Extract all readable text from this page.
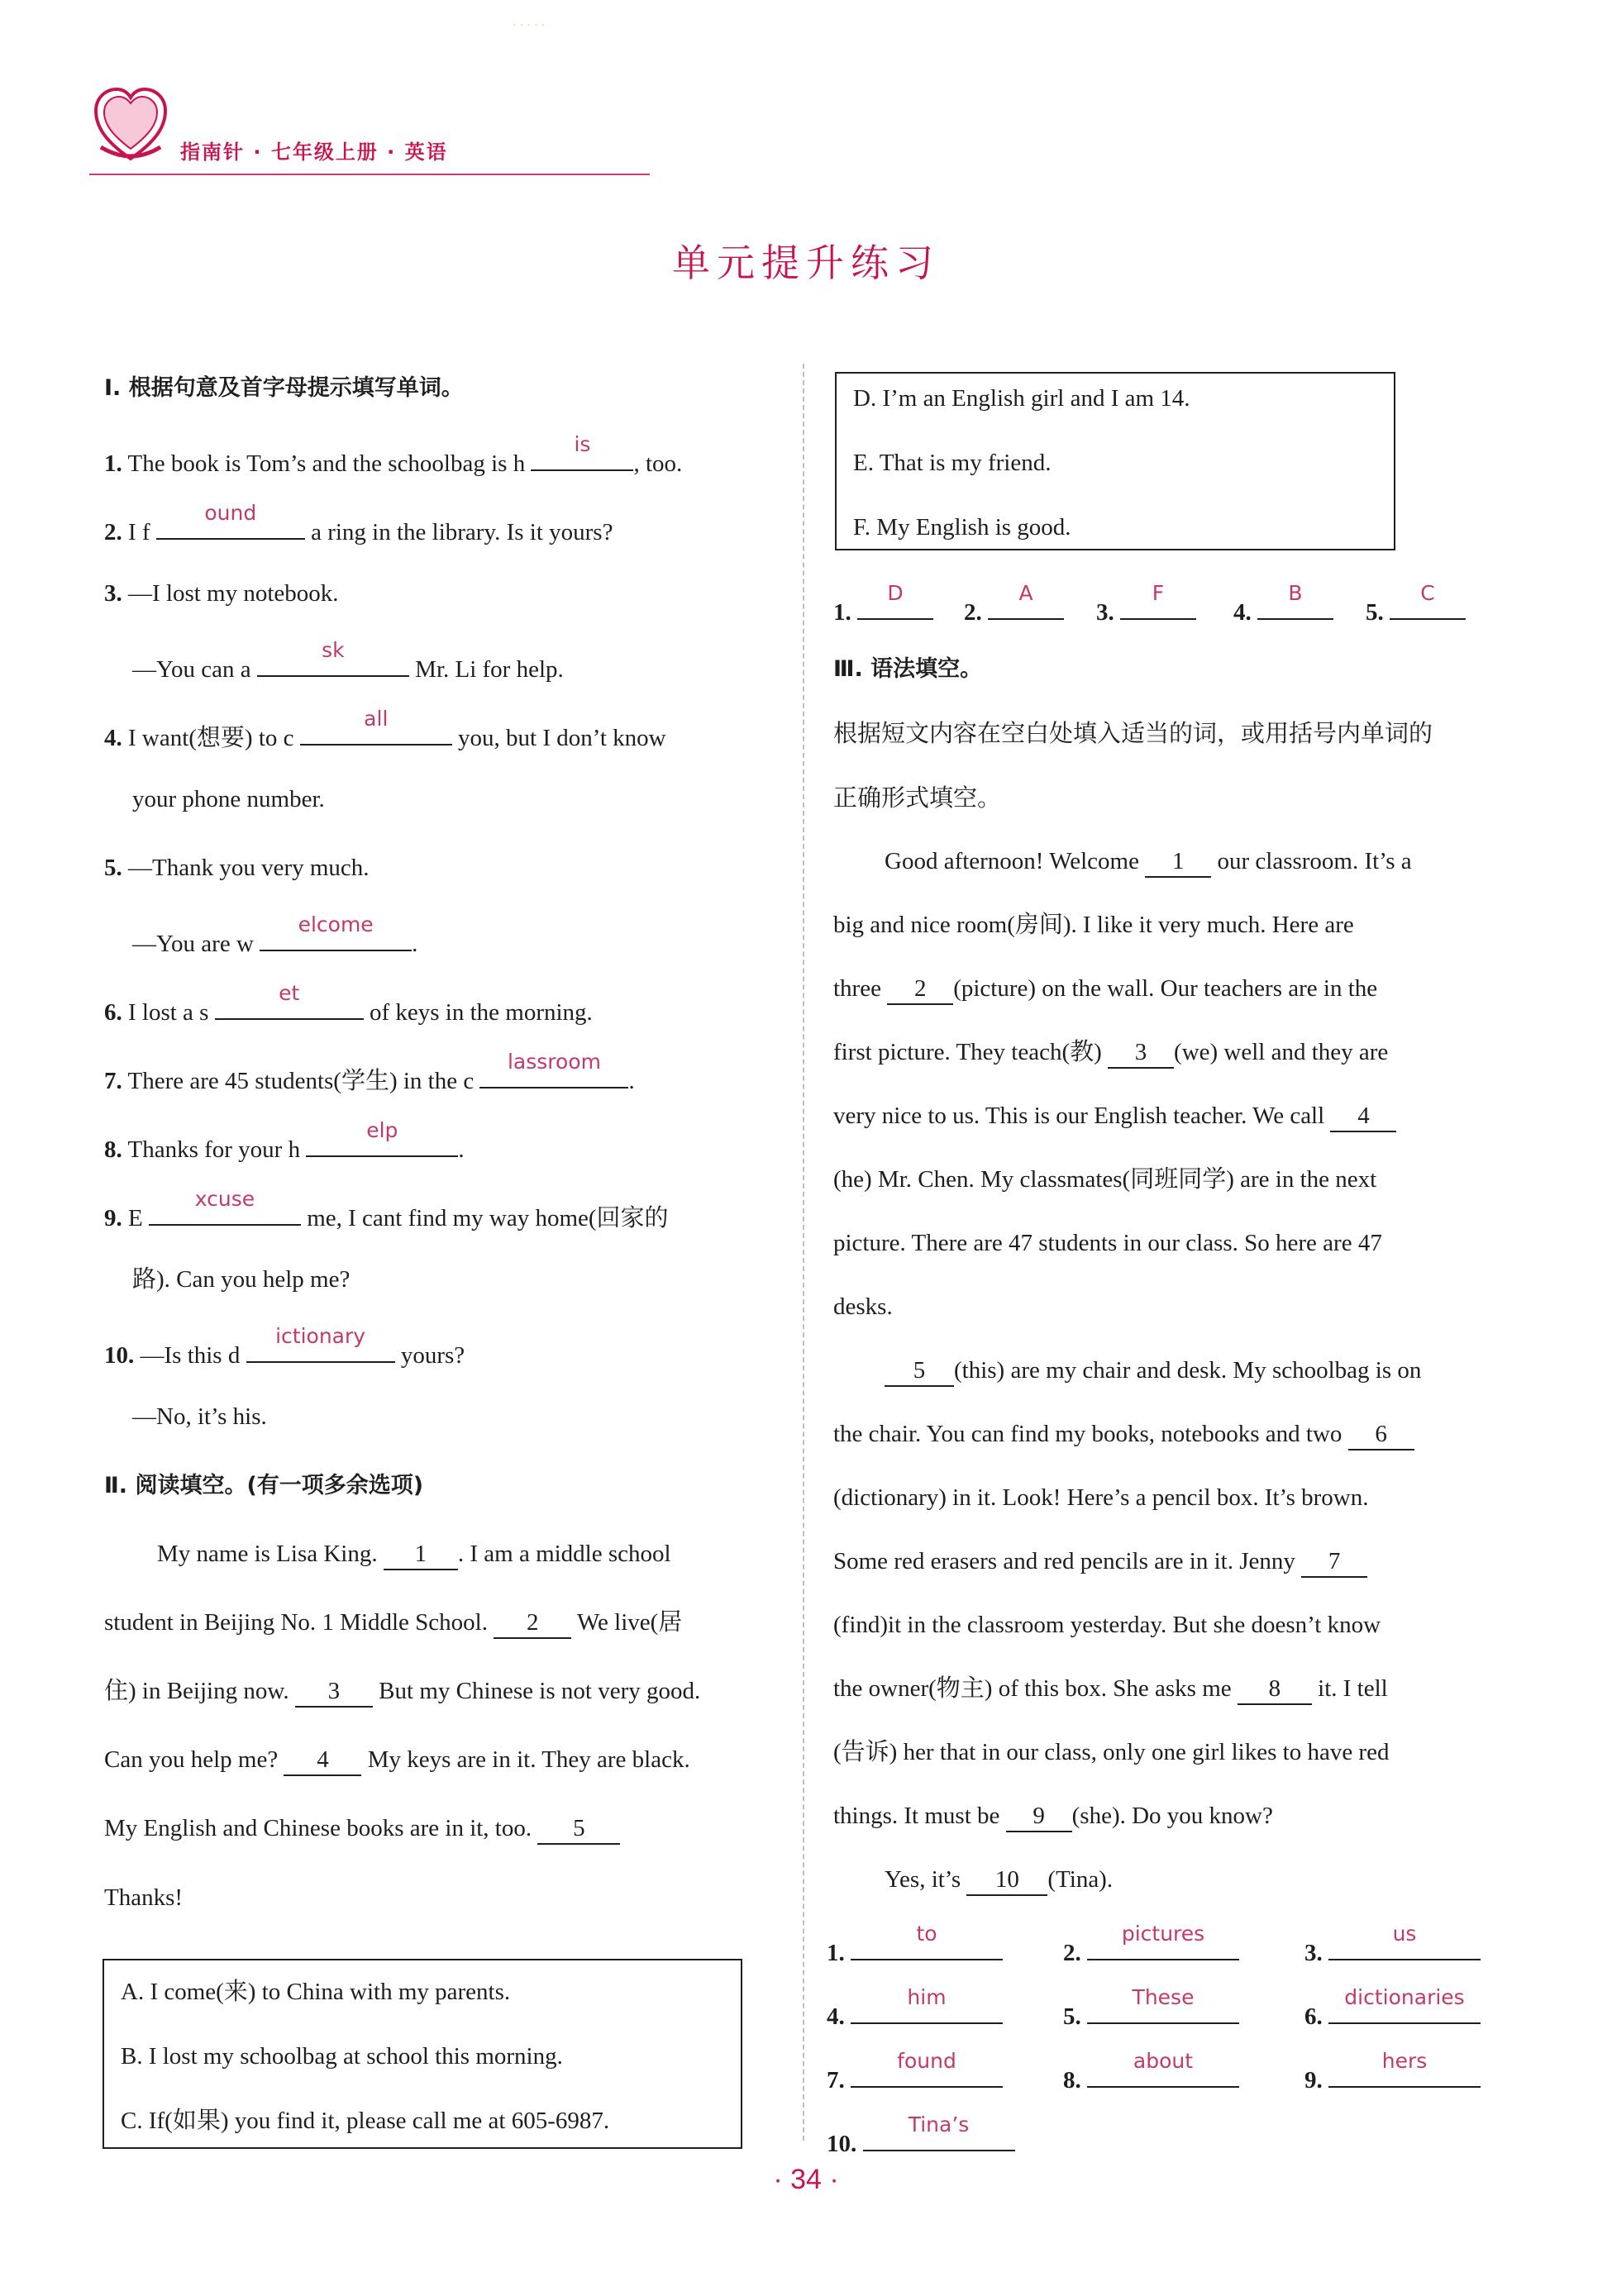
·····
指南针 · 七年级上册 · 英语
单元提升练习
Ⅰ. 根据句意及首字母提示填写单词。
1. The book is Tom’s and the schoolbag is h
is
, too.
2. I f
ound
a ring in the library. Is it yours?
3. —I lost my notebook.
—You can a
sk
Mr. Li for help.
4. I want(想要) to c
all
you, but I don’t know
your phone number.
5. —Thank you very much.
—You are w
elcome
.
6. I lost a s
et
of keys in the morning.
7. There are 45 students(学生) in the c
lassroom
.
8. Thanks for your h
elp
.
9. E
xcuse
me, I cant find my way home(回家的
路). Can you help me?
10. —Is this d
ictionary
yours?
—No, it’s his.
Ⅱ. 阅读填空。(有一项多余选项)
My name is Lisa King. 1 . I am a middle school
student in Beijing No. 1 Middle School. 2 We live(居
住) in Beijing now. 3 But my Chinese is not very good.
Can you help me? 4 My keys are in it. They are black.
My English and Chinese books are in it, too. 5
Thanks!
A. I come(来) to China with my parents.
B. I lost my schoolbag at school this morning.
C. If(如果) you find it, please call me at 605-6987.
D. I’m an English girl and I am 14.
E. That is my friend.
F. My English is good.
1.
D
2.
A
3.
F
4.
B
5.
C
Ⅲ. 语法填空。
根据短文内容在空白处填入适当的词，或用括号内单词的
正确形式填空。
Good afternoon! Welcome 1 our classroom. It’s a
big and nice room(房间). I like it very much. Here are
three 2 (picture) on the wall. Our teachers are in the
first picture. They teach(教) 3 (we) well and they are
very nice to us. This is our English teacher. We call 4
(he) Mr. Chen. My classmates(同班同学) are in the next
picture. There are 47 students in our class. So here are 47
desks.
5 (this) are my chair and desk. My schoolbag is on
the chair. You can find my books, notebooks and two 6
(dictionary) in it. Look! Here’s a pencil box. It’s brown.
Some red erasers and red pencils are in it. Jenny 7
(find)it in the classroom yesterday. But she doesn’t know
the owner(物主) of this box. She asks me 8 it. I tell
(告诉) her that in our class, only one girl likes to have red
things. It must be 9 (she). Do you know?
Yes, it’s 10 (Tina).
1.
to
2.
pictures
3.
us
4.
him
5.
These
6.
dictionaries
7.
found
8.
about
9.
hers
10.
Tina’s
· 34 ·
